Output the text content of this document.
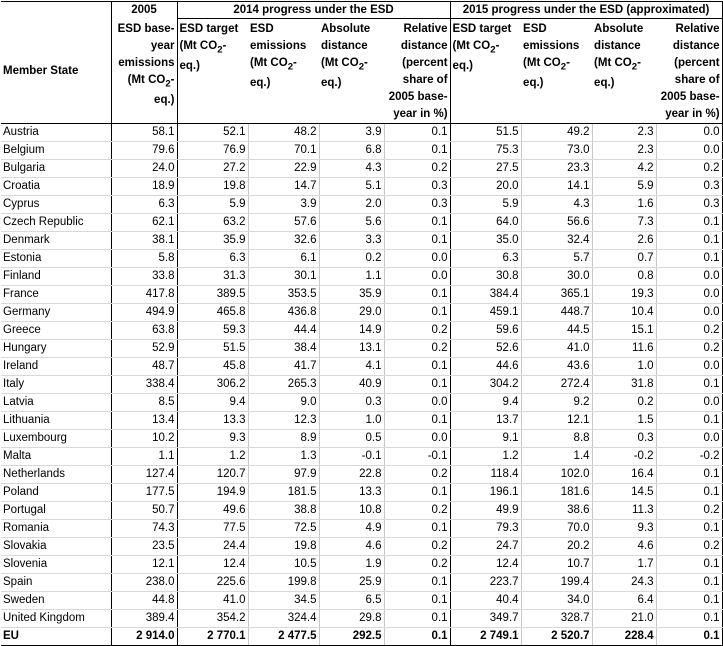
	2005	2014 progress under the ESD				2015 progress under the ESD (approximated)			
Member State	ESD base-year emissions (Mt $CO_2-eq$.)	ESD target (Mt $CO_2-eq$.)	ESD emissions (Mt $CO_2-eq$.)	Absolute distance (Mt $CO_2-eq$.)	Relative distance (percent share of 2005 base-year in %)	ESD target (Mt $CO_2-eq$.)	ESD emissions (Mt $CO_2-eq$.)	Absolute distance (Mt $CO_2-eq$.)	Relative distance (percent share of 2005 base-year in %)
Austria	58.1	52.1	48.2	3.9	0.1	51.5	49.2	2.3	0.0
Belgium	79.6	76.9	70.1	6.8	0.1	75.3	73.0	2.3	0.0
Bulgaria	24.0	27.2	22.9	4.3	0.2	27.5	23.3	4.2	0.2
Croatia	18.9	19.8	14.7	5.1	0.3	20.0	14.1	5.9	0.3
Cyprus	6.3	5.9	3.9	2.0	0.3	5.9	4.3	1.6	0.3
Czech Republic	62.1	63.2	57.6	5.6	0.1	64.0	56.6	7.3	0.1
Denmark	38.1	35.9	32.6	3.3	0.1	35.0	32.4	2.6	0.1
Estonia	5.8	6.3	6.1	0.2	0.0	6.3	5.7	0.7	0.1
Finland	33.8	31.3	30.1	1.1	0.0	30.8	30.0	0.8	0.0
France	417.8	389.5	353.5	35.9	0.1	384.4	365.1	19.3	0.0
Germany	494.9	465.8	436.8	29.0	0.1	459.1	448.7	10.4	0.0
Greece	63.8	59.3	44.4	14.9	0.2	59.6	44.5	15.1	0.2
Hungary	52.9	51.5	38.4	13.1	0.2	52.6	41.0	11.6	0.2
Ireland	48.7	45.8	41.7	4.1	0.1	44.6	43.6	1.0	0.0
Italy	338.4	306.2	265.3	40.9	0.1	304.2	272.4	31.8	0.1
Latvia	8.5	9.4	9.0	0.3	0.0	9.4	9.2	0.2	0.0
Lithuania	13.4	13.3	12.3	1.0	0.1	13.7	12.1	1.5	0.1
Luxembourg	10.2	9.3	8.9	0.5	0.0	9.1	8.8	0.3	0.0
Malta	1.1	1.2	1.3	-0.1	-0.1	1.2	1.4	-0.2	-0.2
Netherlands	127.4	120.7	97.9	22.8	0.2	118.4	102.0	16.4	0.1
Poland	177.5	194.9	181.5	13.3	0.1	196.1	181.6	14.5	0.1
Portugal	50.7	49.6	38.8	10.8	0.2	49.9	38.6	11.3	0.2
Romania	74.3	77.5	72.5	4.9	0.1	79.3	70.0	9.3	0.1
Slovakia	23.5	24.4	19.8	4.6	0.2	24.7	20.2	4.6	0.2
Slovenia	12.1	12.4	10.5	1.9	0.2	12.4	10.7	1.7	0.1
Spain	238.0	225.6	199.8	25.9	0.1	223.7	199.4	24.3	0.1
Sweden	44.8	41.0	34.5	6.5	0.1	40.4	34.0	6.4	0.1
United Kingdom	389.4	354.2	324.4	29.8	0.1	349.7	328.7	21.0	0.1
EU	2 914.0	2 770.1	2 477.5	292.5	0.1	2 749.1	2 520.7	228.4	0.1
